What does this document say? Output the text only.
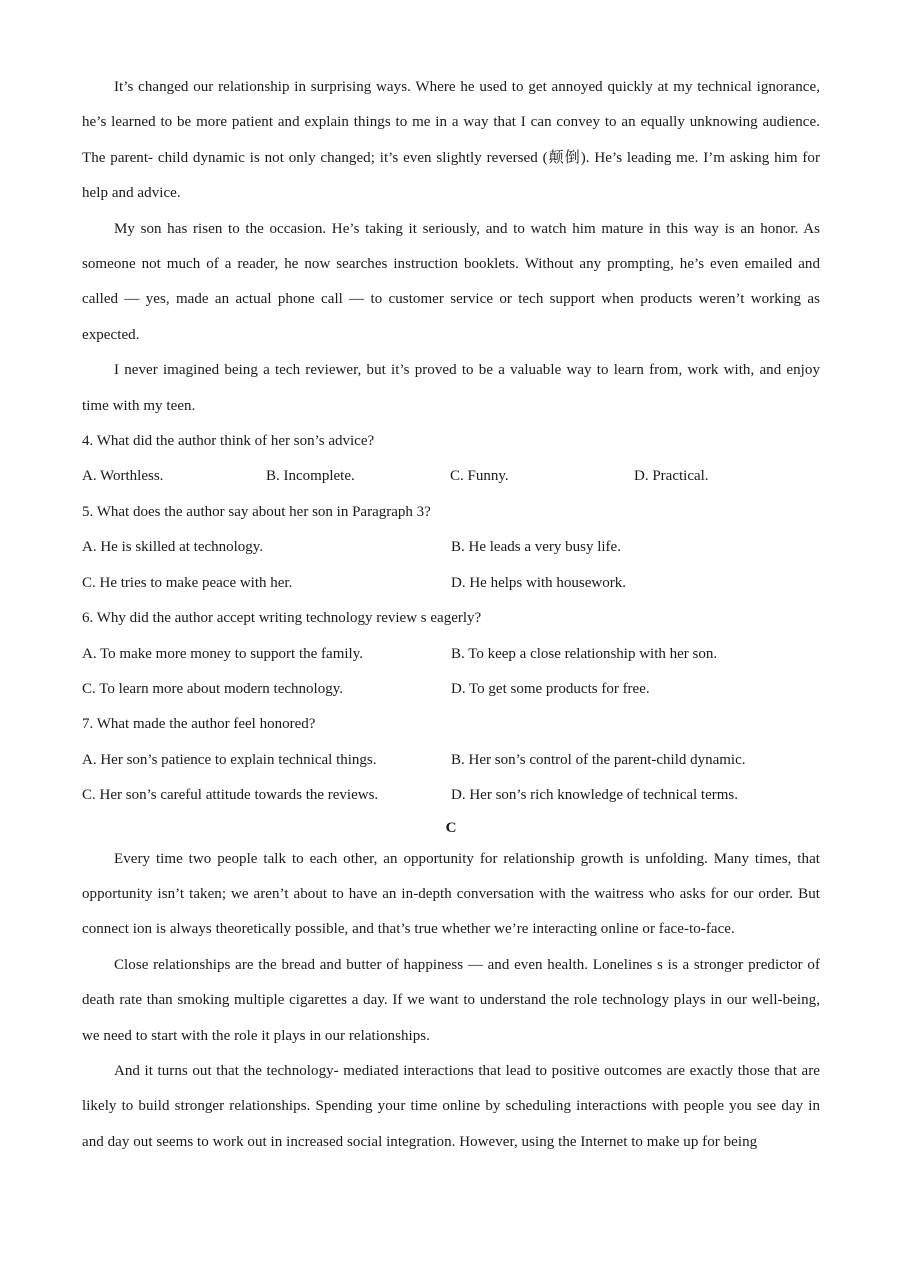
It’s changed our relationship in surprising ways. Where he used to get annoyed quickly at my technical ignorance, he’s learned to be more patient and explain things to me in a way that I can convey to an equally unknowing audience. The parent- child dynamic is not only changed; it’s even slightly reversed (颠倒). He’s leading me. I’m asking him for help and advice.

My son has risen to the occasion. He’s taking it seriously, and to watch him mature in this way is an honor. As someone not much of a reader, he now searches instruction booklets. Without any prompting, he’s even emailed and called — yes, made an actual phone call — to customer service or tech support when products weren’t working as expected.

I never imagined being a tech reviewer, but it’s proved to be a valuable way to learn from, work with, and enjoy time with my teen.

4. What did the author think of her son’s advice?

A. Worthless.	B. Incomplete.	C. Funny.	D. Practical.

5. What does the author say about her son in Paragraph 3?

A. He is skilled at technology.	B. He leads a very busy life.
C. He tries to make peace with her.	D. He helps with housework.

6. Why did the author accept writing technology review s eagerly?

A. To make more money to support the family.	B. To keep a close relationship with her son.
C. To learn more about modern technology.	D. To get some products for free.

7. What made the author feel honored?

A. Her son’s patience to explain technical things.	B. Her son’s control of the parent-child dynamic.
C. Her son’s careful attitude towards the reviews.	D. Her son’s rich knowledge of technical terms.

C

Every time two people talk to each other, an opportunity for relationship growth is unfolding. Many times, that opportunity isn’t taken; we aren’t about to have an in-depth conversation with the waitress who asks for our order. But connect ion is always theoretically possible, and that’s true whether we’re interacting online or face-to-face.

Close relationships are the bread and butter of happiness — and even health. Lonelines s is a stronger predictor of death rate than smoking multiple cigarettes a day. If we want to understand the role technology plays in our well-being, we need to start with the role it plays in our relationships.

And it turns out that the technology- mediated interactions that lead to positive outcomes are exactly those that are likely to build stronger relationships. Spending your time online by scheduling interactions with people you see day in and day out seems to work out in increased social integration. However, using the Internet to make up for being
